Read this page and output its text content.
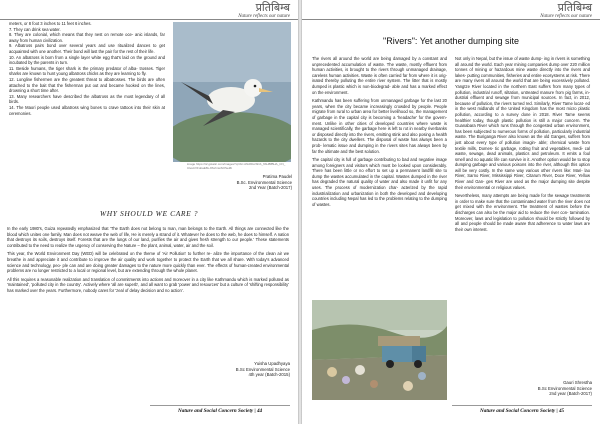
प्रतिबिम्ब
Nature reflects our nature
meters, or 8 foot 3 inches to 11 feet 6 inches.
7. They can drink sea water.
8. They are colonial, which means that they nest on remote oce- anic islands, far away from human civilization.
9. Albatross pairs bond over several years and use ritualized dances to get acquainted with one another. Their bond will last the pair for the rest of their life.
10. An albatross is born from a single layer white egg that's laid on the ground and incubated by the parents in turn.
11. Beside humans, the tiger shark is the primary predator of alba- trosses. Tiger sharks are known to hunt young albatross chicks as they are learning to fly.
12. Longline fishermen are the greatest threat to albatrosses. The birds are often attached to the bait that the fisherman put out and became hooked on the lines, drowning a short time after.
13. Many researchers have described the albatross as the most legendary of all birds.
14. The Maori people used albatross wing bones to crave tattoos into their skin at ceremonies.
image https://t2.gstatic.com/images?q=tbn:ANd9GcSl1b_6bHBfBHA_CN_ CIeLbVFobaE8x-9SxhnwSOSeZb
Pratima Paudel
B.Sc. Environmental Science
2nd Year (Batch-2017)
WHY SHOULD WE CARE ?

In the early 1980's, Guiza repeatedly emphasized that 'The Earth does not belong to man, man belongs to the Earth. All things are connected like the blood which unites one family. Man does not weave the web of life, He is merely a strand of it. Whatever he does to the web, he does to himself. A nation that destroys its soils, destroys itself. Forests that are the lungs of our land, purifies the air and gives fresh strength to our people.' These statements contributed to the need to realize the urgency of conserving the Nature – the plant, animal, water, air and the soil.

This year, the World Environment Day (WED) will be celebrated on the theme of 'Air Pollution' to further re- alize the importance of the clean air we breathe in and appreciate it and contribute to improve the air quality and work together to protect the Earth that we all share. With today's advanced science and technology, peo- ple can and are doing greater damages to the nature more quickly than ever. The effects of human-created environmental problems are no longer restricted to a local or regional level, but are extending through the whole planet.

All this requires a reasonable realization and translation of commitments into actions and moreover in a city like Kathmandu which is marked polluted as 'maintained', 'polluted city in the country'. Actively where 'all are superb', and all want to grab 'power and resources' but a culture of 'shifting responsibility' has marked over the years. Furthermore, nobody cares for 'zeal of delay decision and no action'.

Yuisha Upadhyaya
B.Sc Environmental Science
4th year (Batch-2015)
Nature and Social Concern Society | 44
प्रतिबिम्ब
Nature reflects our nature
"Rivers": Yet another dumping site

The rivers all around the world are being damaged by a constant and unprecedented accumulation of waste. The waste, mostly effluent from human activities, is brought to the rivers through unmanaged drainage, careless human activities. Waste is often carried far from where it is orig- inated thereby polluting the entire river system. The litter that is mostly dumped is plastic which is non-biodegrad- able and has a marked effect on the environment.

Kathmandu has been suffering from unmanaged garbage for the last 20 years, when the city became increasingly crowded by people. People migrate from rural to urban area for better livelihood so, the management of garbage in the capital city is becoming a 'headache' for the govern- ment. Unlike in other cities of developed countries where waste is managed scientifically, the garbage here is left to rot in nearby riverbanks or disposed directly into the rivers, emitting stink and also posing a health hazards to the city dwellers. The disposal of waste has always been a prob- lematic issue and dumping in the rivers sites has always been by far the ultimate and the best solution.

The capital city is full of garbage contributing to bad and negative image among foreigners and visitors which must be looked upon considerably. There has been little or no effort to set up a permanent landfill site to dump the wastes accumulated in the capital. Wastes dumped in the river has degraded the natural quality of water and also made it unfit for any uses. The process of modernization char- acterized by the rapid industrialization and urbanization in both the developed and developing countries including Nepal has led to the problems relating to the dumping of wastes.

Not only in Nepal, but the issue of waste dump- ing in rivers is something all around the world. Each year mining companies dump over 220 million tonnes of mining or hazardous mine waste directly into the rivers and lakes- putting communities, fisheries and entire ecosystems at risk. There are many rivers all around the world that are being excessively polluted. Yangtze River located in the northern East suffers from many types of pollution, industrial runoff, siltation, untreated manure from pig farms, in- dustrial effluent and sewage from municipal sources. In fact, in 2012, because of pollution, the rivers turned red. Similarly, River Tame locat- ed in the west midlands of the United Kingdom has the most micro plastic pollution, according to a survey done in 2018. River Tame seems healthier today, though plastic pollution is still a major concern. The Guanabara River which runs through the congested urban environment, has been subjected to numerous forms of pollution, particularly industrial waste. The Buriganga River also known as the old Ganges, suffers from just about every type of pollution imagin- able; chemical waste from textile mills, Domes- tic garbage, rotting fruit and vegetables, medi- cal waste, sewage, dead animals, plastics and petroleum. It emits a foul smell and no aquatic life can survive in it. Another option would be to stop dumping garbage and various poisons into the river, although this option will be very costly. In the same way various other rivers like: Mari- lao River, Sarno River, Mississippi River, Citarum River, Doce River, Yellow River and Gan- ges River are used as the major dumping site despite their environmental or religious values.

Nevertheless, many attempts are being made for the sewage treatments in order to make sure that the contaminated water from the river does not get mixed with the environment. The treatment of wastes before the discharges can also be the major aid to reduce the river con- tamination. Moreover, laws and legislation to pollution should be strictly followed by all and people should be made aware that adherence to water laws are their own interest.

Gauri Shrestha
B.Sc Environmental Science
2nd year (Batch-2017)
Nature and Social Concern Society | 45
